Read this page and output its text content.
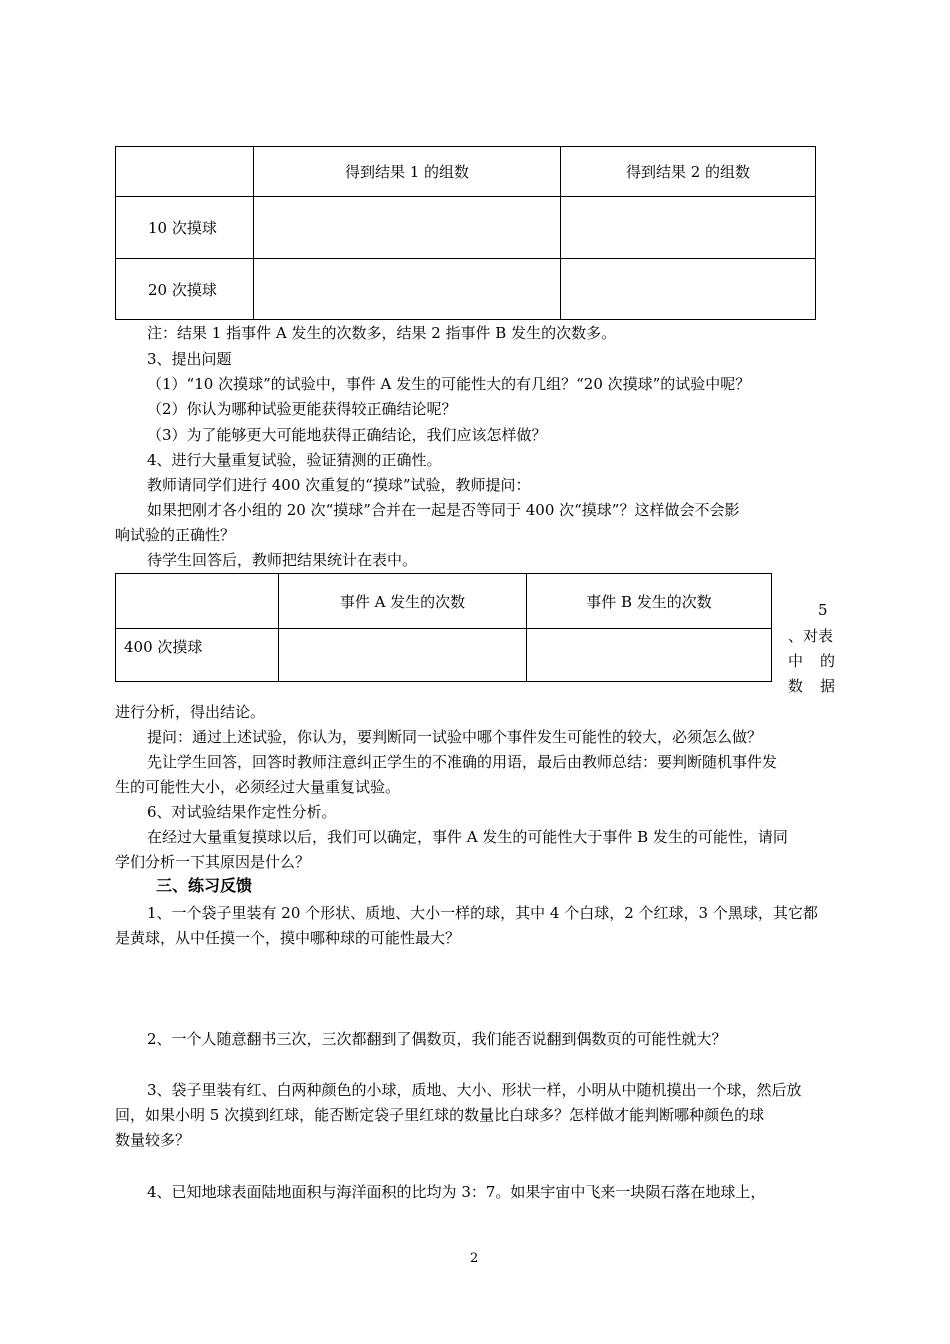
	得到结果 1 的组数	得到结果 2 的组数
10 次摸球		
20 次摸球		
注：结果 1 指事件 A 发生的次数多，结果 2 指事件 B 发生的次数多。
3、提出问题
（1）“10 次摸球”的试验中，事件 A 发生的可能性大的有几组？“20 次摸球”的试验中呢？
（2）你认为哪种试验更能获得较正确结论呢？
（3）为了能够更大可能地获得正确结论，我们应该怎样做？
4、进行大量重复试验，验证猜测的正确性。
教师请同学们进行 400 次重复的“摸球”试验，教师提问：
如果把刚才各小组的 20 次“摸球”合并在一起是否等同于 400 次“摸球”？这样做会不会影
响试验的正确性？
待学生回答后，教师把结果统计在表中。
	事件 A 发生的次数	事件 B 发生的次数
400 次摸球		
5
、对表
中 的
数 据
进行分析，得出结论。
提问：通过上述试验，你认为，要判断同一试验中哪个事件发生可能性的较大，必须怎么做？
先让学生回答，回答时教师注意纠正学生的不准确的用语，最后由教师总结：要判断随机事件发
生的可能性大小，必须经过大量重复试验。
6、对试验结果作定性分析。
在经过大量重复摸球以后，我们可以确定，事件 A 发生的可能性大于事件 B 发生的可能性，请同
学们分析一下其原因是什么？
三、练习反馈
1、一个袋子里装有 20 个形状、质地、大小一样的球，其中 4 个白球，2 个红球，3 个黑球，其它都
是黄球，从中任摸一个，摸中哪种球的可能性最大？
2、一个人随意翻书三次，三次都翻到了偶数页，我们能否说翻到偶数页的可能性就大？
3、袋子里装有红、白两种颜色的小球，质地、大小、形状一样，小明从中随机摸出一个球，然后放
回，如果小明 5 次摸到红球，能否断定袋子里红球的数量比白球多？怎样做才能判断哪种颜色的球
数量较多？
4、已知地球表面陆地面积与海洋面积的比均为 3：7。如果宇宙中飞来一块陨石落在地球上，
2
